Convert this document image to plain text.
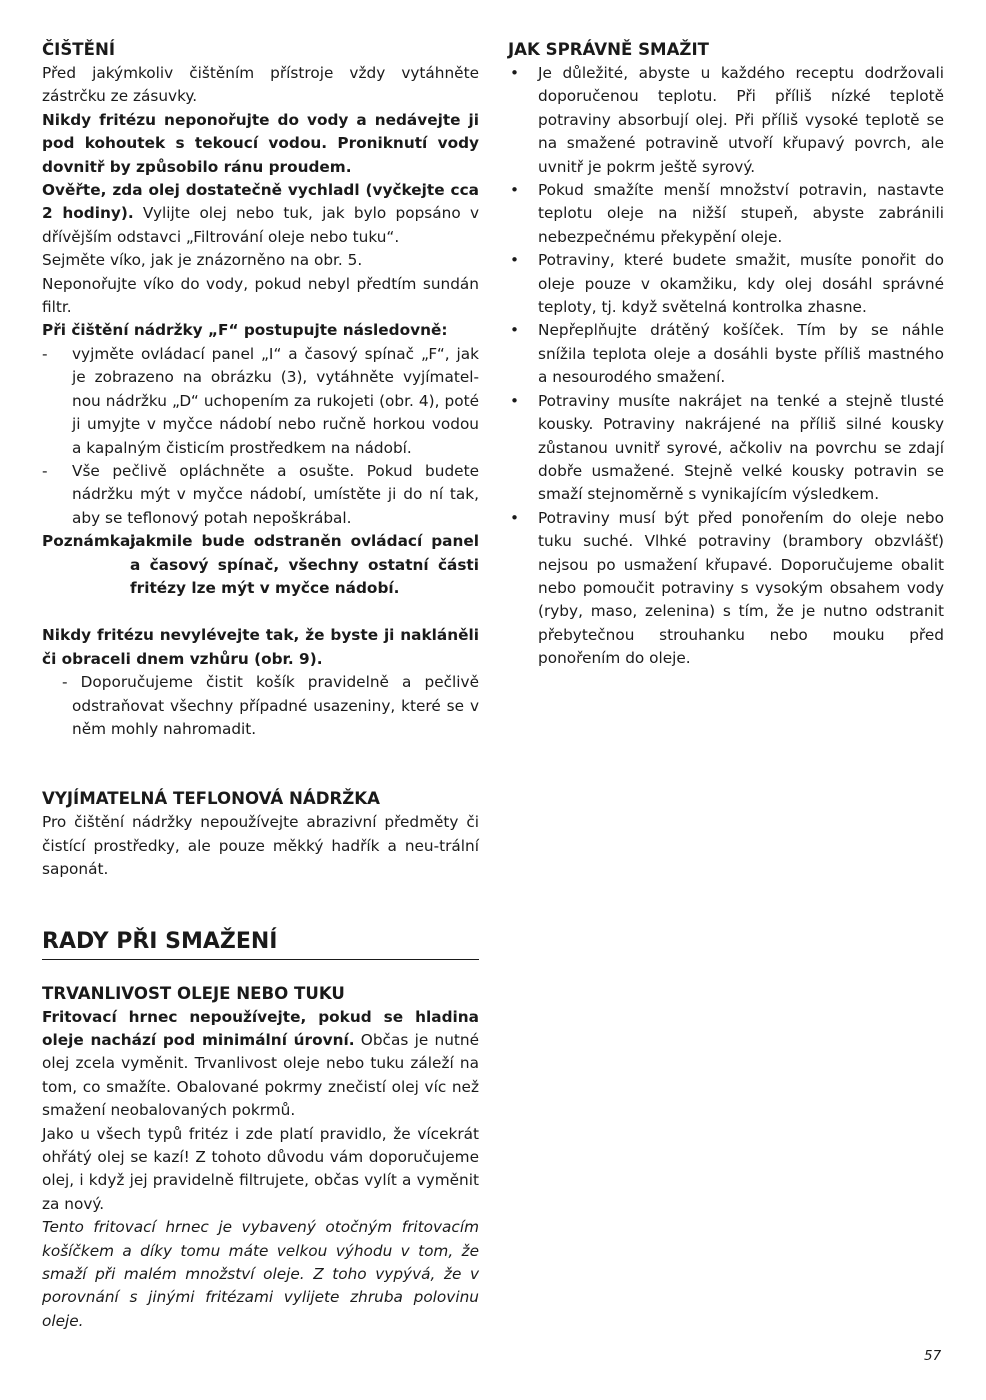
ČIŠTĚNÍ

Před jakýmkoliv čištěním přístroje vždy vytáhněte zástrčku ze zásuvky.

Nikdy fritézu neponořujte do vody a nedávejte ji pod kohoutek s tekoucí vodou. Proniknutí vody dovnitř by způsobilo ránu proudem.

Ověřte, zda olej dostatečně vychladl (vyčkejte cca 2 hodiny). Vylijte olej nebo tuk, jak bylo popsáno v dřívějším odstavci „Filtrování oleje nebo tuku“.

Sejměte víko, jak je znázorněno na obr. 5.

Neponořujte víko do vody, pokud nebyl předtím sundán filtr.

Při čištění nádržky „F“ postupujte následovně:

- vyjměte ovládací panel „I“ a časový spínač „F“, jak je zobrazeno na obrázku (3), vytáhněte vyjímatel-nou nádržku „D“ uchopením za rukojeti (obr. 4), poté ji umyjte v myčce nádobí nebo ručně horkou vodou a kapalným čisticím prostředkem na nádobí.

- Vše pečlivě opláchněte a osušte. Pokud budete nádržku mýt v myčce nádobí, umístěte ji do ní tak, aby se teflonový potah nepoškrábal.

Poznámka:
jakmile bude odstraněn ovládací panel a časový spínač, všechny ostatní části fritézy lze mýt v myčce nádobí.

Nikdy fritézu nevylévejte tak, že byste ji nakláněli či obraceli dnem vzhůru (obr. 9).

- Doporučujeme čistit košík pravidelně a pečlivě odstraňovat všechny případné usazeniny, které se v něm mohly nahromadit.

VYJÍMATELNÁ TEFLONOVÁ NÁDRŽKA

Pro čištění nádržky nepoužívejte abrazivní předměty či čistící prostředky, ale pouze měkký hadřík a neu-trální saponát.

RADY PŘI SMAŽENÍ
TRVANLIVOST OLEJE NEBO TUKU

Fritovací hrnec nepoužívejte, pokud se hladina oleje nachází pod minimální úrovní. Občas je nutné olej zcela vyměnit. Trvanlivost oleje nebo tuku záleží na tom, co smažíte. Obalované pokrmy znečistí olej víc než smažení neobalovaných pokrmů.

Jako u všech typů fritéz i zde platí pravidlo, že vícekrát ohřátý olej se kazí! Z tohoto důvodu vám doporučujeme olej, i když jej pravidelně filtrujete, občas vylít a vyměnit za nový.

Tento fritovací hrnec je vybavený otočným fritovacím košíčkem a díky tomu máte velkou výhodu v tom, že smaží při malém množství oleje. Z toho vypývá, že v porovnání s jinými fritézami vylijete zhruba polovinu oleje.

JAK SPRÁVNĚ SMAŽIT

• Je důležité, abyste u každého receptu dodržovali doporučenou teplotu. Při příliš nízké teplotě potraviny absorbují olej. Při příliš vysoké teplotě se na smažené potravině utvoří křupavý povrch, ale uvnitř je pokrm ještě syrový.

• Pokud smažíte menší množství potravin, nastavte teplotu oleje na nižší stupeň, abyste zabránili nebezpečnému překypění oleje.

• Potraviny, které budete smažit, musíte ponořit do oleje pouze v okamžiku, kdy olej dosáhl správné teploty, tj. když světelná kontrolka zhasne.

• Nepřeplňujte drátěný košíček. Tím by se náhle snížila teplota oleje a dosáhli byste příliš mastného a nesourodého smažení.

• Potraviny musíte nakrájet na tenké a stejně tlusté kousky. Potraviny nakrájené na příliš silné kousky zůstanou uvnitř syrové, ačkoliv na povrchu se zdají dobře usmažené. Stejně velké kousky potravin se smaží stejnoměrně s vynikajícím výsledkem.

• Potraviny musí být před ponořením do oleje nebo tuku suché. Vlhké potraviny (brambory obzvlášť) nejsou po usmažení křupavé. Doporučujeme obalit nebo pomoučit potraviny s vysokým obsahem vody (ryby, maso, zelenina) s tím, že je nutno odstranit přebytečnou strouhanku nebo mouku před ponořením do oleje.

57
